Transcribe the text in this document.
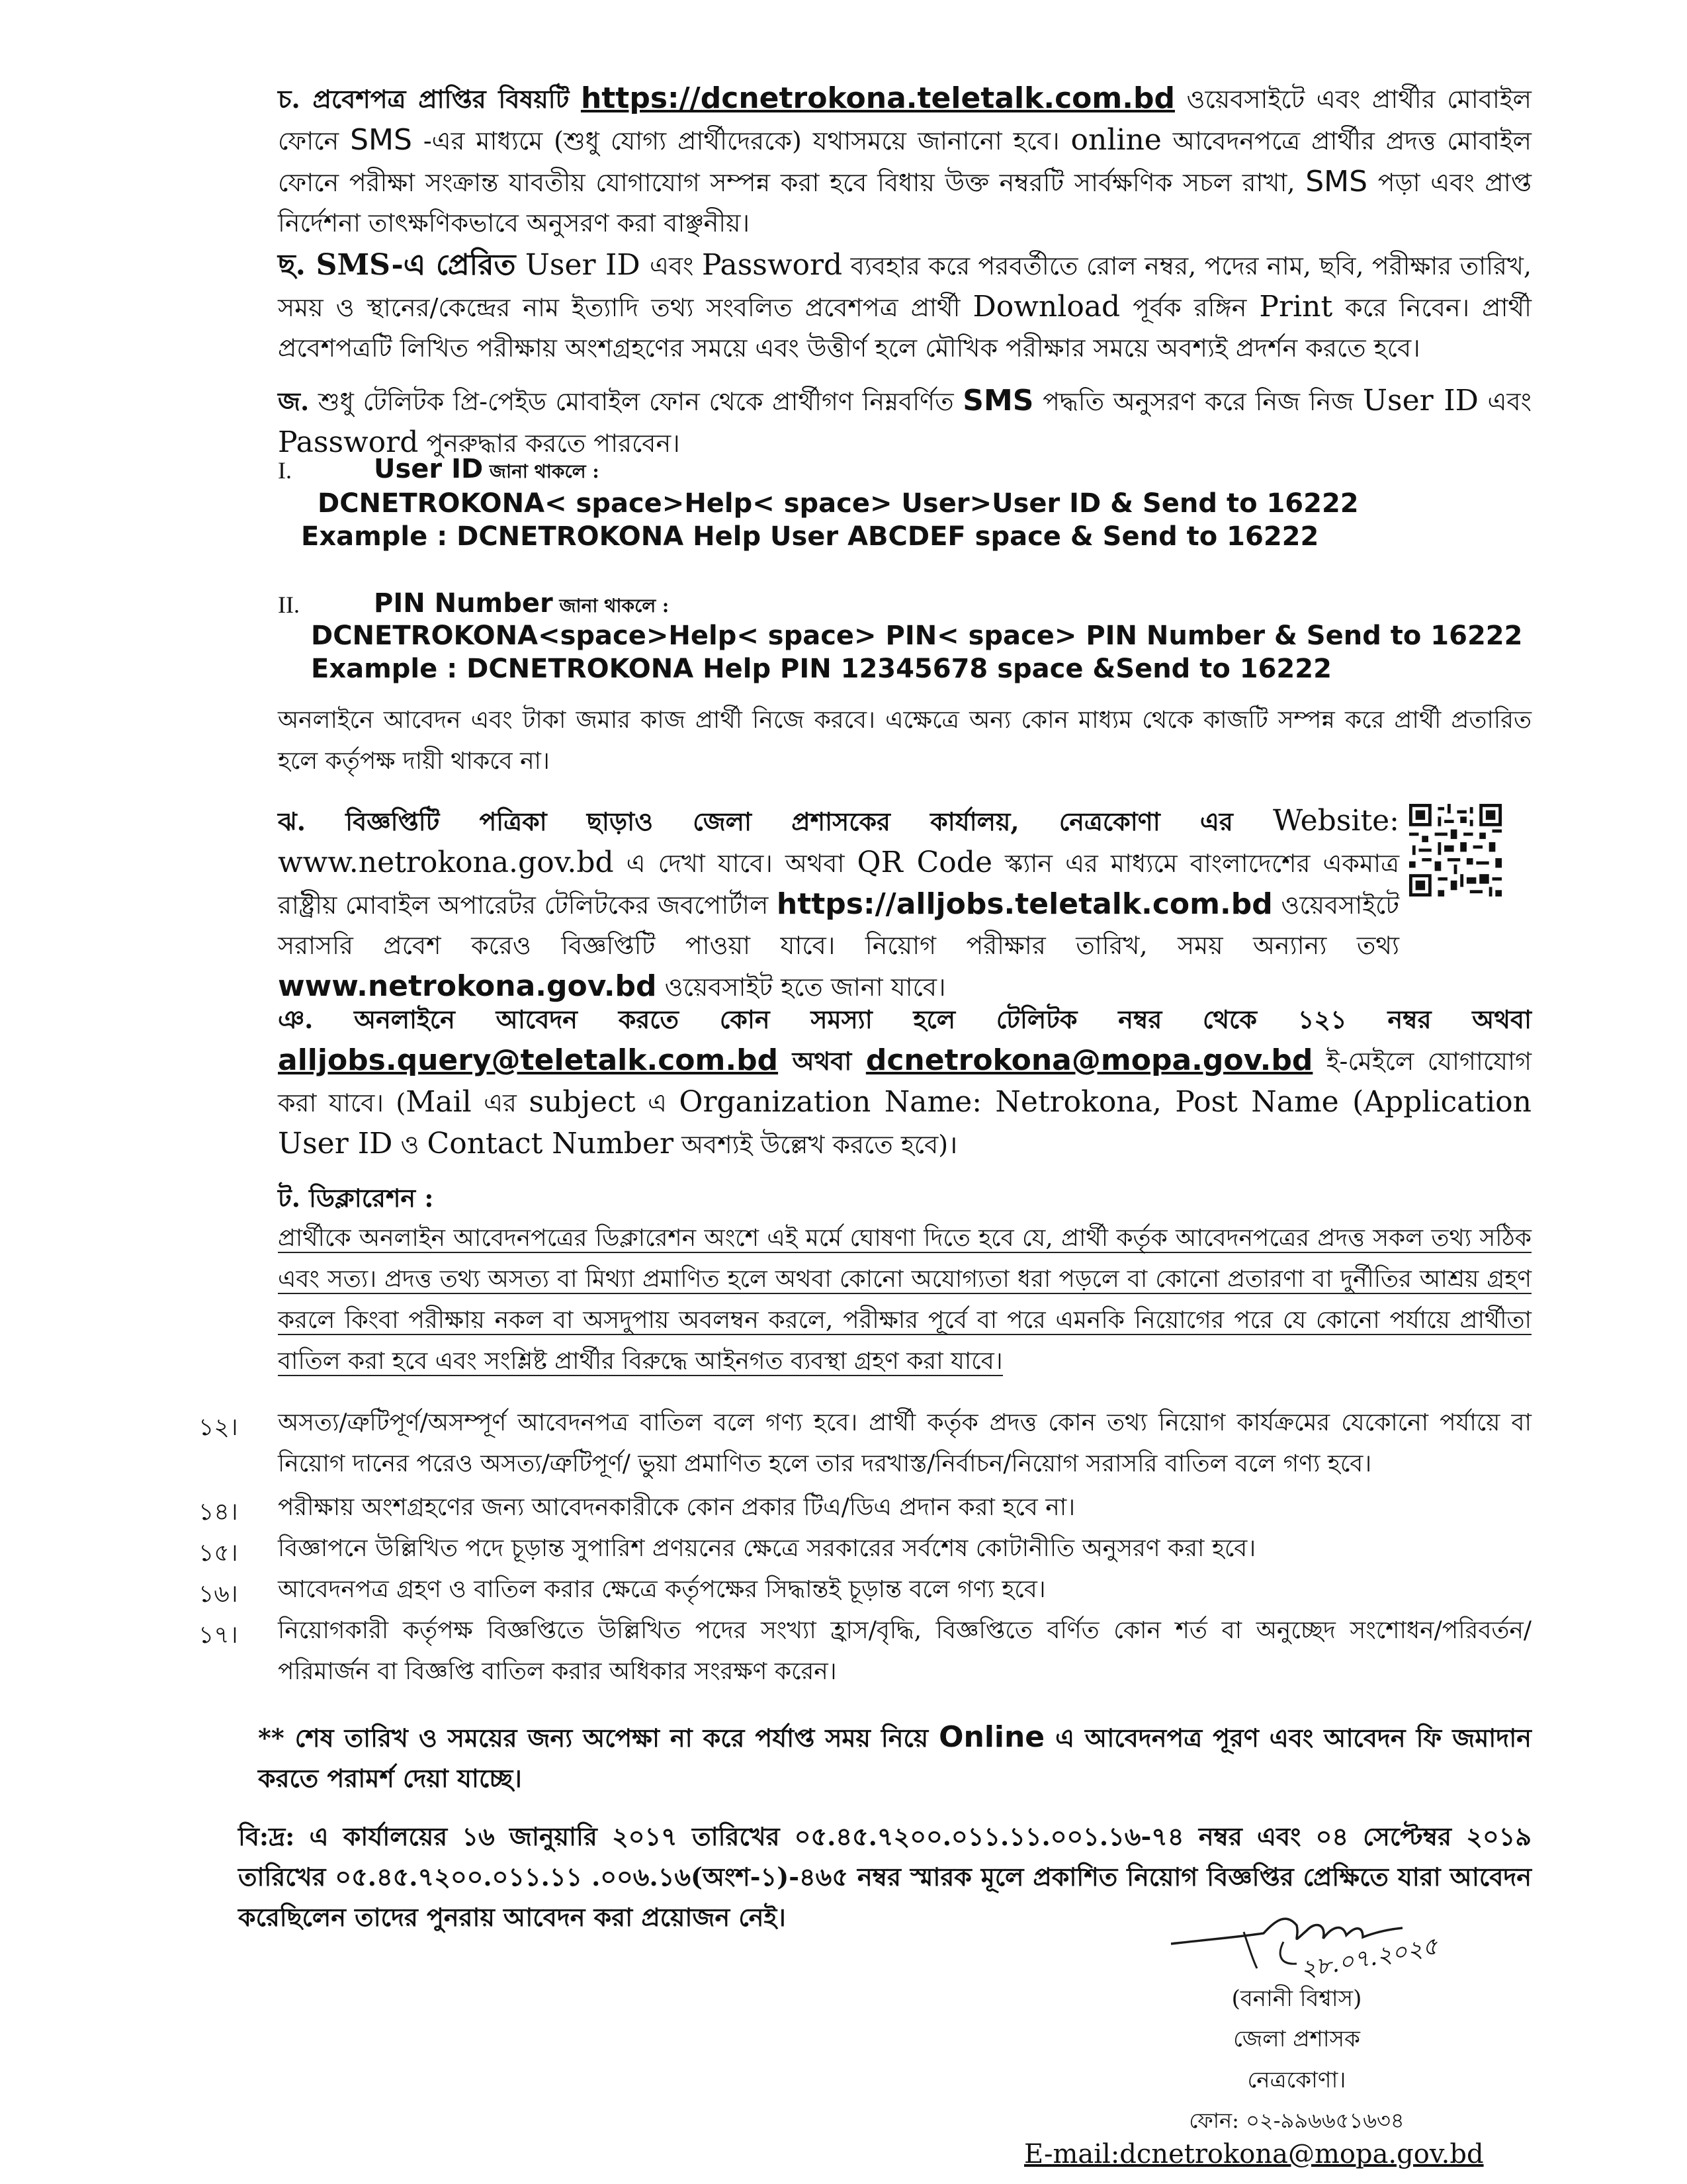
চ. প্রবেশপত্র প্রাপ্তির বিষয়টি https://dcnetrokona.teletalk.com.bd ওয়েবসাইটে এবং প্রার্থীর মোবাইল ফোনে SMS -এর মাধ্যমে (শুধু যোগ্য প্রার্থীদেরকে) যথাসময়ে জানানো হবে। online আবেদনপত্রে প্রার্থীর প্রদত্ত মোবাইল ফোনে পরীক্ষা সংক্রান্ত যাবতীয় যোগাযোগ সম্পন্ন করা হবে বিধায় উক্ত নম্বরটি সার্বক্ষণিক সচল রাখা, SMS পড়া এবং প্রাপ্ত নির্দেশনা তাৎক্ষণিকভাবে অনুসরণ করা বাঞ্ছনীয়।

ছ. SMS-এ প্রেরিত User ID এবং Password ব্যবহার করে পরবর্তীতে রোল নম্বর, পদের নাম, ছবি, পরীক্ষার তারিখ, সময় ও স্থানের/কেন্দ্রের নাম ইত্যাদি তথ্য সংবলিত প্রবেশপত্র প্রার্থী Download পূর্বক রঙ্গিন Print করে নিবেন। প্রার্থী প্রবেশপত্রটি লিখিত পরীক্ষায় অংশগ্রহণের সময়ে এবং উত্তীর্ণ হলে মৌখিক পরীক্ষার সময়ে অবশ্যই প্রদর্শন করতে হবে।

জ. শুধু টেলিটক প্রি-পেইড মোবাইল ফোন থেকে প্রার্থীগণ নিম্নবর্ণিত SMS পদ্ধতি অনুসরণ করে নিজ নিজ User ID এবং Password পুনরুদ্ধার করতে পারবেন।

I.	User ID জানা থাকলে :
DCNETROKONA< space>Help< space> User>User ID & Send to 16222
Example : DCNETROKONA Help User ABCDEF space & Send to 16222
II.	PIN Number জানা থাকলে :
DCNETROKONA<space>Help< space> PIN< space> PIN Number & Send to 16222
Example : DCNETROKONA Help PIN 12345678 space &Send to 16222

অনলাইনে আবেদন এবং টাকা জমার কাজ প্রার্থী নিজে করবে। এক্ষেত্রে অন্য কোন মাধ্যম থেকে কাজটি সম্পন্ন করে প্রার্থী প্রতারিত হলে কর্তৃপক্ষ দায়ী থাকবে না।

ঝ. বিজ্ঞপ্তিটি পত্রিকা ছাড়াও জেলা প্রশাসকের কার্যালয়, নেত্রকোণা এর Website: www.netrokona.gov.bd এ দেখা যাবে। অথবা QR Code স্ক্যান এর মাধ্যমে বাংলাদেশের একমাত্র রাষ্ট্রীয় মোবাইল অপারেটর টেলিটকের জবপোর্টাল https://alljobs.teletalk.com.bd ওয়েবসাইটে সরাসরি প্রবেশ করেও বিজ্ঞপ্তিটি পাওয়া যাবে। নিয়োগ পরীক্ষার তারিখ, সময় অন্যান্য তথ্য www.netrokona.gov.bd ওয়েবসাইট হতে জানা যাবে।

ঞ. অনলাইনে আবেদন করতে কোন সমস্যা হলে টেলিটক নম্বর থেকে ১২১ নম্বর অথবা alljobs.query@teletalk.com.bd অথবা dcnetrokona@mopa.gov.bd ই-মেইলে যোগাযোগ করা যাবে। (Mail এর subject এ Organization Name: Netrokona, Post Name (Application User ID ও Contact Number অবশ্যই উল্লেখ করতে হবে)।

ট. ডিক্লারেশন :

প্রার্থীকে অনলাইন আবেদনপত্রের ডিক্লারেশন অংশে এই মর্মে ঘোষণা দিতে হবে যে, প্রার্থী কর্তৃক আবেদনপত্রের প্রদত্ত সকল তথ্য সঠিক এবং সত্য। প্রদত্ত তথ্য অসত্য বা মিথ্যা প্রমাণিত হলে অথবা কোনো অযোগ্যতা ধরা পড়লে বা কোনো প্রতারণা বা দুর্নীতির আশ্রয় গ্রহণ করলে কিংবা পরীক্ষায় নকল বা অসদুপায় অবলম্বন করলে, পরীক্ষার পূর্বে বা পরে এমনকি নিয়োগের পরে যে কোনো পর্যায়ে প্রার্থীতা বাতিল করা হবে এবং সংশ্লিষ্ট প্রার্থীর বিরুদ্ধে আইনগত ব্যবস্থা গ্রহণ করা যাবে।

১২। অসত্য/ত্রুটিপূর্ণ/অসম্পূর্ণ আবেদনপত্র বাতিল বলে গণ্য হবে। প্রার্থী কর্তৃক প্রদত্ত কোন তথ্য নিয়োগ কার্যক্রমের যেকোনো পর্যায়ে বা নিয়োগ দানের পরেও অসত্য/ত্রুটিপূর্ণ/ ভুয়া প্রমাণিত হলে তার দরখাস্ত/নির্বাচন/নিয়োগ সরাসরি বাতিল বলে গণ্য হবে।
১৪। পরীক্ষায় অংশগ্রহণের জন্য আবেদনকারীকে কোন প্রকার টিএ/ডিএ প্রদান করা হবে না।
১৫। বিজ্ঞাপনে উল্লিখিত পদে চূড়ান্ত সুপারিশ প্রণয়নের ক্ষেত্রে সরকারের সর্বশেষ কোটানীতি অনুসরণ করা হবে।
১৬। আবেদনপত্র গ্রহণ ও বাতিল করার ক্ষেত্রে কর্তৃপক্ষের সিদ্ধান্তই চূড়ান্ত বলে গণ্য হবে।
১৭। নিয়োগকারী কর্তৃপক্ষ বিজ্ঞপ্তিতে উল্লিখিত পদের সংখ্যা হ্রাস/বৃদ্ধি, বিজ্ঞপ্তিতে বর্ণিত কোন শর্ত বা অনুচ্ছেদ সংশোধন/পরিবর্তন/ পরিমার্জন বা বিজ্ঞপ্তি বাতিল করার অধিকার সংরক্ষণ করেন।

** শেষ তারিখ ও সময়ের জন্য অপেক্ষা না করে পর্যাপ্ত সময় নিয়ে Online এ আবেদনপত্র পূরণ এবং আবেদন ফি জমাদান করতে পরামর্শ দেয়া যাচ্ছে।

বি:দ্র: এ কার্যালয়ের ১৬ জানুয়ারি ২০১৭ তারিখের ০৫.৪৫.৭২০০.০১১.১১.০০১.১৬-৭৪ নম্বর এবং ০৪ সেপ্টেম্বর ২০১৯ তারিখের ০৫.৪৫.৭২০০.০১১.১১ .০০৬.১৬(অংশ-১)-৪৬৫ নম্বর স্মারক মূলে প্রকাশিত নিয়োগ বিজ্ঞপ্তির প্রেক্ষিতে যারা আবেদন করেছিলেন তাদের পুনরায় আবেদন করা প্রয়োজন নেই।

২৮.০৭.২০২৫
(বনানী বিশ্বাস)
জেলা প্রশাসক
নেত্রকোণা।
ফোন: ০২-৯৯৬৬৫১৬৩৪
E-mail:dcnetrokona@mopa.gov.bd
